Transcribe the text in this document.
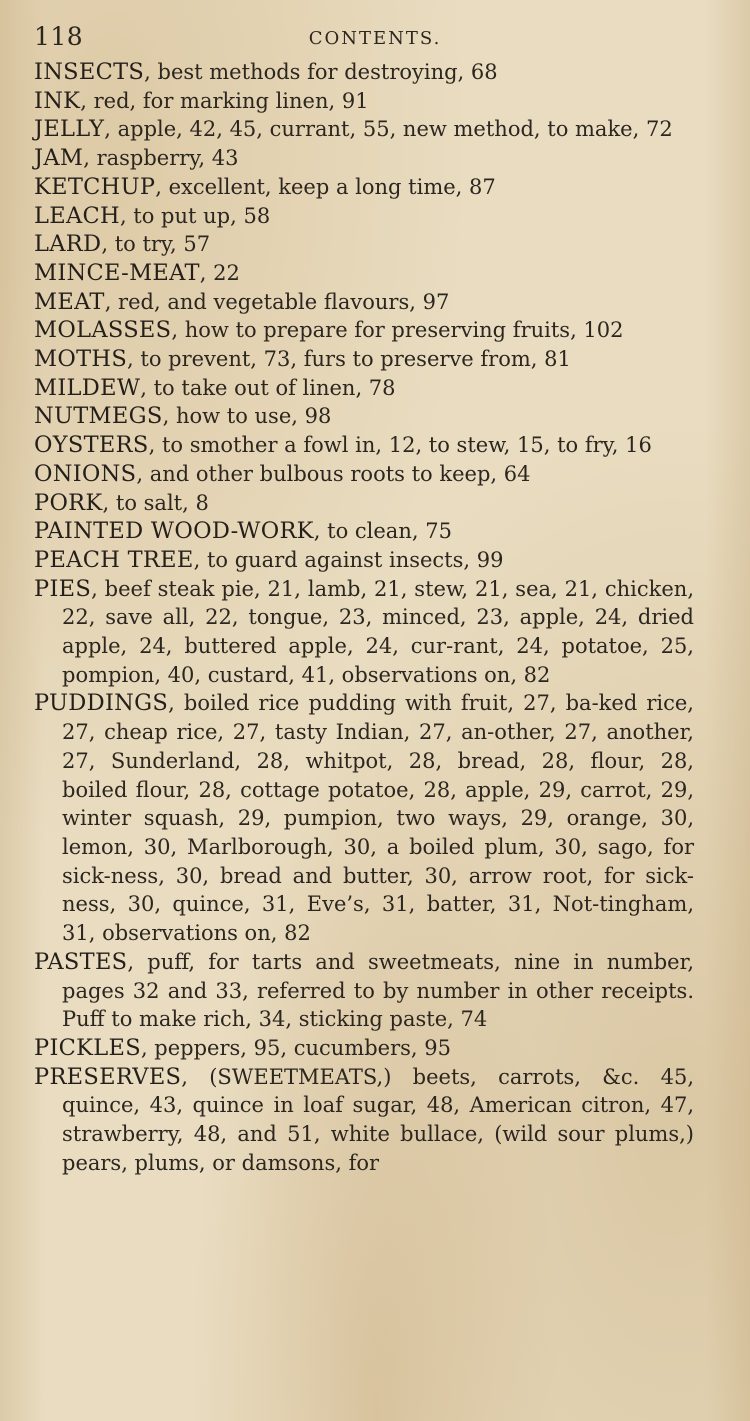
118	CONTENTS.

INSECTS, best methods for destroying, 68

INK, red, for marking linen, 91

JELLY, apple, 42, 45, currant, 55, new method, to make, 72

JAM, raspberry, 43

KETCHUP, excellent, keep a long time, 87

LEACH, to put up, 58

LARD, to try, 57

MINCE-MEAT, 22

MEAT, red, and vegetable flavours, 97

MOLASSES, how to prepare for preserving fruits, 102

MOTHS, to prevent, 73, furs to preserve from, 81

MILDEW, to take out of linen, 78

NUTMEGS, how to use, 98

OYSTERS, to smother a fowl in, 12, to stew, 15, to fry, 16

ONIONS, and other bulbous roots to keep, 64

PORK, to salt, 8

PAINTED WOOD-WORK, to clean, 75

PEACH TREE, to guard against insects, 99

PIES, beef steak pie, 21, lamb, 21, stew, 21, sea, 21, chicken, 22, save all, 22, tongue, 23, minced, 23, apple, 24, dried apple, 24, buttered apple, 24, cur-rant, 24, potatoe, 25, pompion, 40, custard, 41, observations on, 82

PUDDINGS, boiled rice pudding with fruit, 27, ba-ked rice, 27, cheap rice, 27, tasty Indian, 27, an-other, 27, another, 27, Sunderland, 28, whitpot, 28, bread, 28, flour, 28, boiled flour, 28, cottage potatoe, 28, apple, 29, carrot, 29, winter squash, 29, pumpion, two ways, 29, orange, 30, lemon, 30, Marlborough, 30, a boiled plum, 30, sago, for sick-ness, 30, bread and butter, 30, arrow root, for sick-ness, 30, quince, 31, Eve’s, 31, batter, 31, Not-tingham, 31, observations on, 82

PASTES, puff, for tarts and sweetmeats, nine in number, pages 32 and 33, referred to by number in other receipts. Puff to make rich, 34, sticking paste, 74

PICKLES, peppers, 95, cucumbers, 95

PRESERVES, (SWEETMEATS,) beets, carrots, &c. 45, quince, 43, quince in loaf sugar, 48, American citron, 47, strawberry, 48, and 51, white bullace, (wild sour plums,) pears, plums, or damsons, for
